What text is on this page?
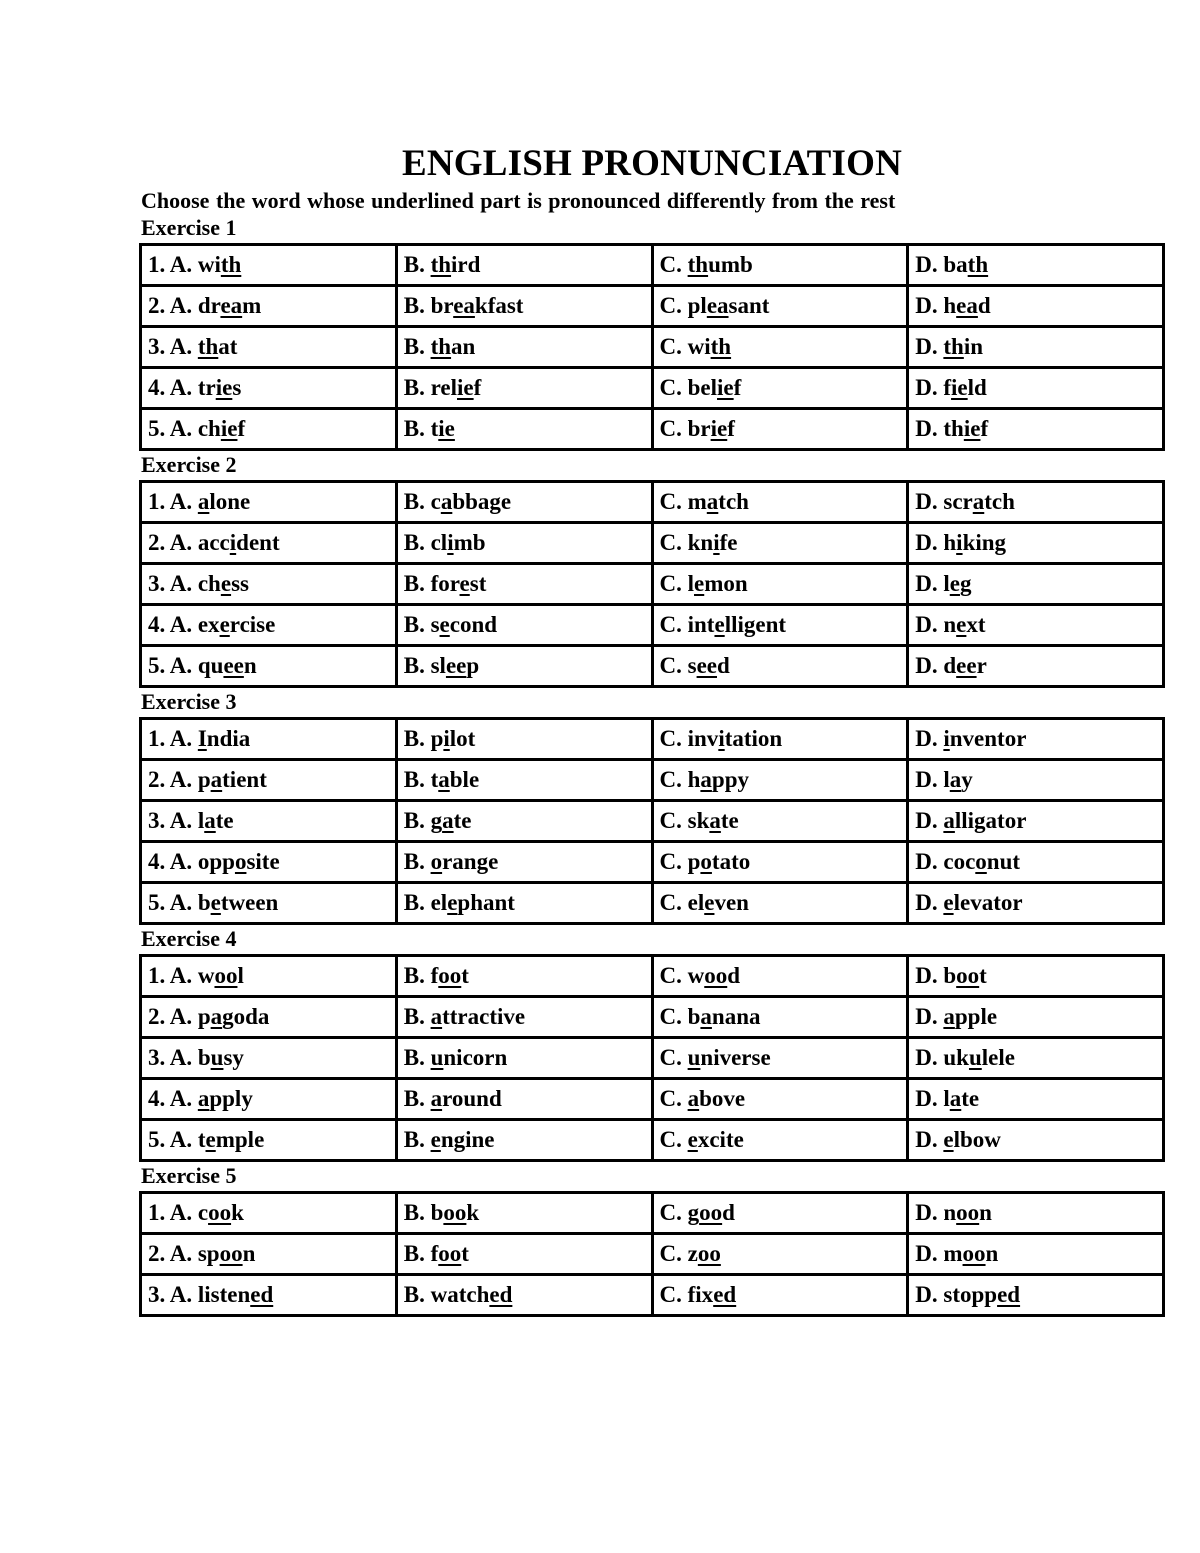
ENGLISH PRONUNCIATION

Choose the word whose underlined part is pronounced differently from the rest

Exercise 1
1. A. with	B. third	C. thumb	D. bath
2. A. dream	B. breakfast	C. pleasant	D. head
3. A. that	B. than	C. with	D. thin
4. A. tries	B. relief	C. belief	D. field
5. A. chief	B. tie	C. brief	D. thief
Exercise 2
1. A. alone	B. cabbage	C. match	D. scratch
2. A. accident	B. climb	C. knife	D. hiking
3. A. chess	B. forest	C. lemon	D. leg
4. A. exercise	B. second	C. intelligent	D. next
5. A. queen	B. sleep	C. seed	D. deer
Exercise 3
1. A. India	B. pilot	C. invitation	D. inventor
2. A. patient	B. table	C. happy	D. lay
3. A. late	B. gate	C. skate	D. alligator
4. A. opposite	B. orange	C. potato	D. coconut
5. A. between	B. elephant	C. eleven	D. elevator
Exercise 4
1. A. wool	B. foot	C. wood	D. boot
2. A. pagoda	B. attractive	C. banana	D. apple
3. A. busy	B. unicorn	C. universe	D. ukulele
4. A. apply	B. around	C. above	D. late
5. A. temple	B. engine	C. excite	D. elbow
Exercise 5
1. A. cook	B. book	C. good	D. noon
2. A. spoon	B. foot	C. zoo	D. moon
3. A. listened	B. watched	C. fixed	D. stopped
